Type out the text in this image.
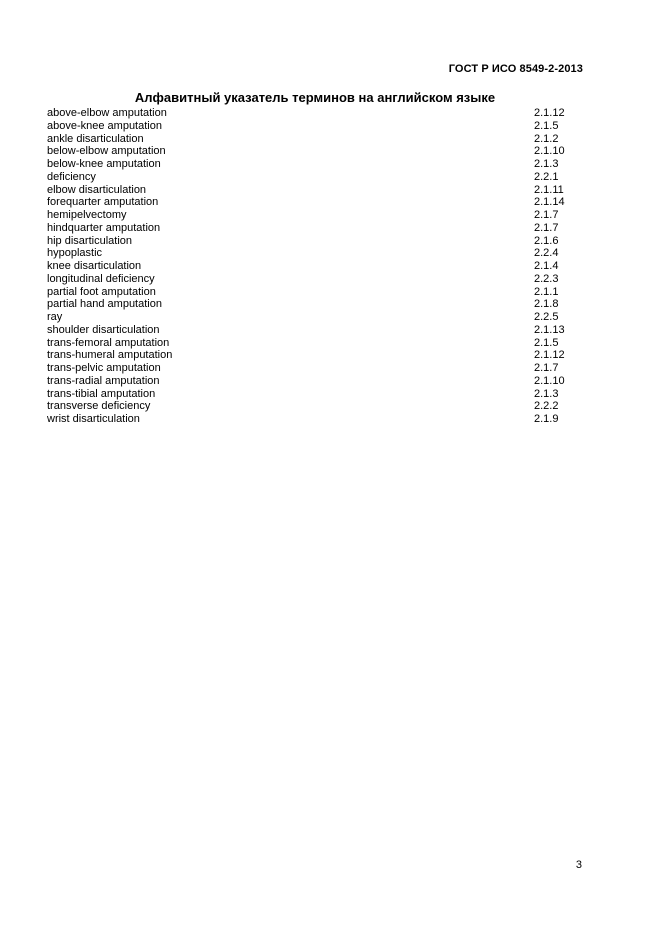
ГОСТ Р ИСО 8549-2-2013
Алфавитный указатель терминов на английском языке
above-elbow amputation	2.1.12
above-knee amputation	2.1.5
ankle disarticulation	2.1.2
below-elbow amputation	2.1.10
below-knee amputation	2.1.3
deficiency	2.2.1
elbow disarticulation	2.1.11
forequarter amputation	2.1.14
hemipelvectomy	2.1.7
hindquarter amputation	2.1.7
hip disarticulation	2.1.6
hypoplastic	2.2.4
knee disarticulation	2.1.4
longitudinal deficiency	2.2.3
partial foot amputation	2.1.1
partial hand amputation	2.1.8
ray	2.2.5
shoulder disarticulation	2.1.13
trans-femoral amputation	2.1.5
trans-humeral amputation	2.1.12
trans-pelvic amputation	2.1.7
trans-radial amputation	2.1.10
trans-tibial amputation	2.1.3
transverse deficiency	2.2.2
wrist disarticulation	2.1.9
3
